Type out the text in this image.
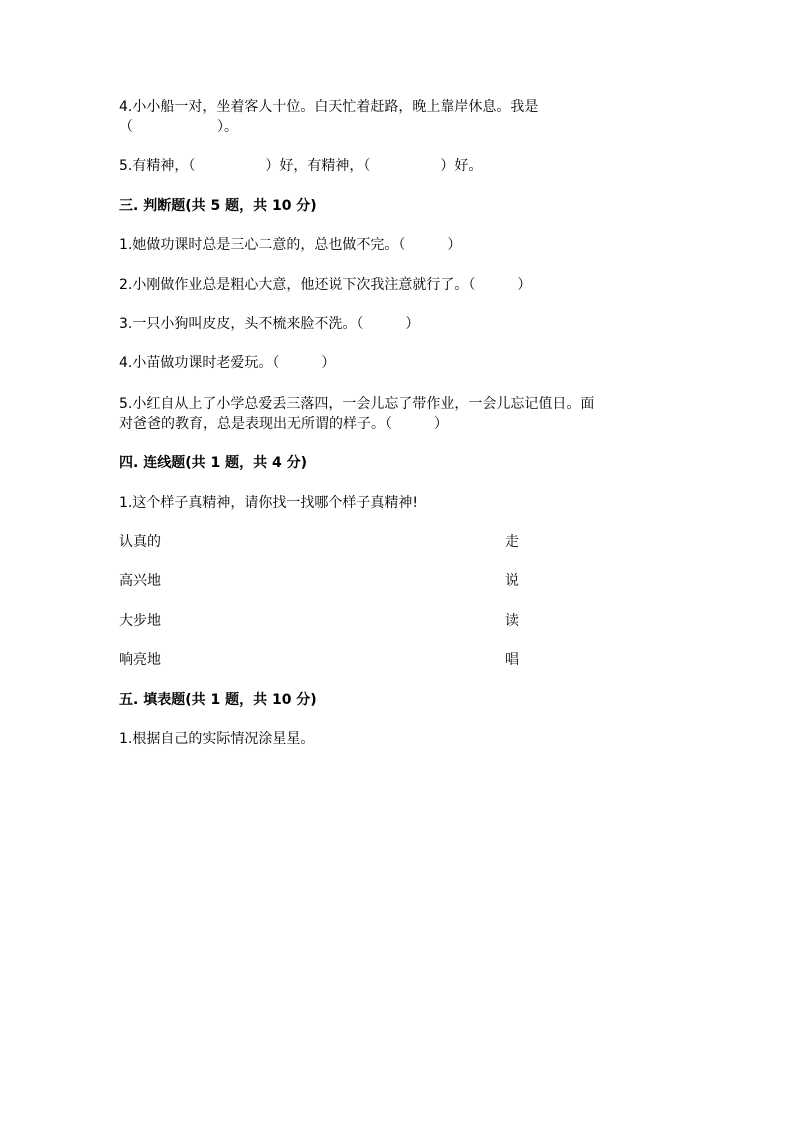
4.小小船一对，坐着客人十位。白天忙着赶路，晚上靠岸休息。我是
（　　　　　　）。
5.有精神，（　　　　　）好，有精神，（　　　　　）好。
三. 判断题(共 5 题，共 10 分)
1.她做功课时总是三心二意的，总也做不完。（　　　）
2.小刚做作业总是粗心大意，他还说下次我注意就行了。（　　　）
3.一只小狗叫皮皮，头不梳来脸不洗。（　　　）
4.小苗做功课时老爱玩。（　　　）
5.小红自从上了小学总爱丢三落四，一会儿忘了带作业，一会儿忘记值日。面
对爸爸的教育，总是表现出无所谓的样子。（　　　）
四. 连线题(共 1 题，共 4 分)
1.这个样子真精神，请你找一找哪个样子真精神!
认真的	走
高兴地	说
大步地	读
响亮地	唱
五. 填表题(共 1 题，共 10 分)
1.根据自己的实际情况涂星星。
